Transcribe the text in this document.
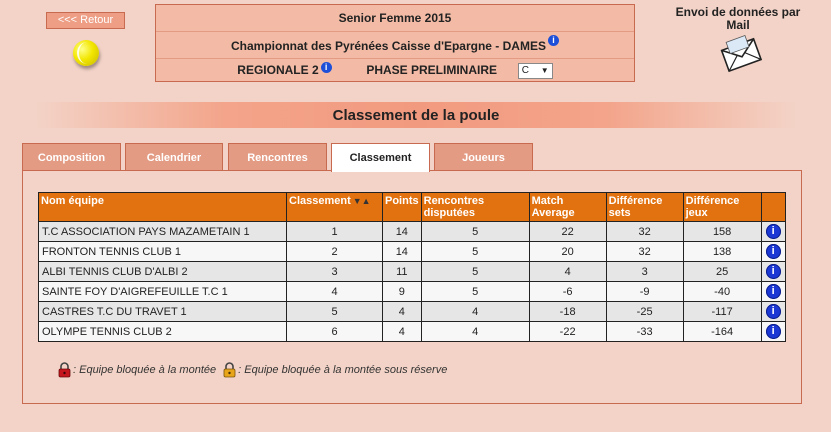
<<< Retour	Senior Femme 2015
Championnat des Pyrénées Caisse d'Epargne - DAMES i
REGIONALE 2 i	PHASE PRELIMINAIRE C ▼
Envoi de données par Mail
Classement de la poule
Composition	Calendrier	Rencontres	Classement	Joueurs
Nom équipe	Classement ▼▲	Points	Rencontres disputées	Match Average	Différence sets	Différence jeux	
T.C ASSOCIATION PAYS MAZAMETAIN 1	1	14	5	22	32	158	i
FRONTON TENNIS CLUB 1	2	14	5	20	32	138	i
ALBI TENNIS CLUB D'ALBI 2	3	11	5	4	3	25	i
SAINTE FOY D'AIGREFEUILLE T.C 1	4	9	5	-6	-9	-40	i
CASTRES T.C DU TRAVET 1	5	4	4	-18	-25	-117	i
OLYMPE TENNIS CLUB 2	6	4	4	-22	-33	-164	i
: Equipe bloquée à la montée : Equipe bloquée à la montée sous réserve
